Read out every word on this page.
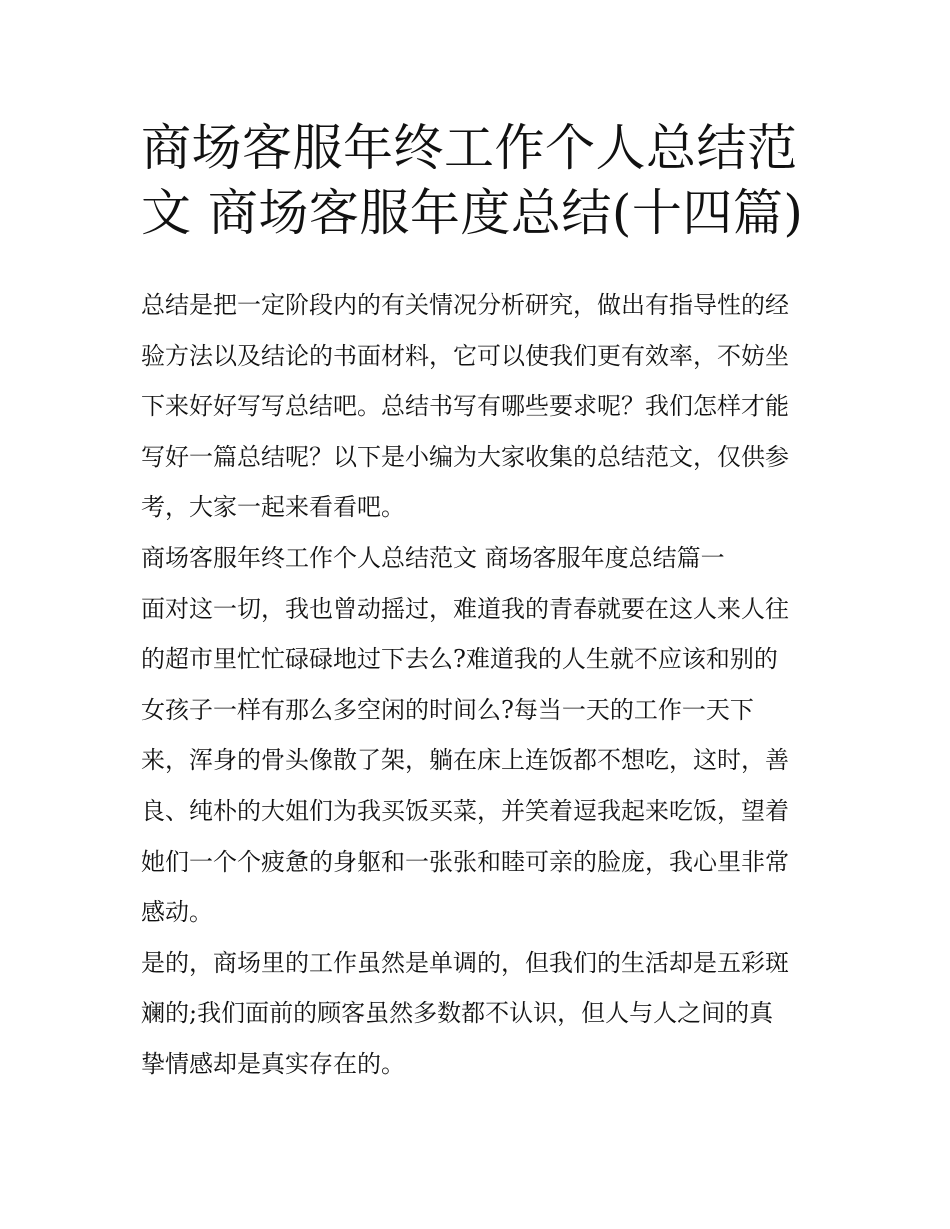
商场客服年终工作个人总结范
文 商场客服年度总结(十四篇)
总结是把一定阶段内的有关情况分析研究，做出有指导性的经
验方法以及结论的书面材料，它可以使我们更有效率，不妨坐
下来好好写写总结吧。总结书写有哪些要求呢？我们怎样才能
写好一篇总结呢？以下是小编为大家收集的总结范文，仅供参
考，大家一起来看看吧。
商场客服年终工作个人总结范文 商场客服年度总结篇一
面对这一切，我也曾动摇过，难道我的青春就要在这人来人往
的超市里忙忙碌碌地过下去么?难道我的人生就不应该和别的
女孩子一样有那么多空闲的时间么?每当一天的工作一天下
来，浑身的骨头像散了架，躺在床上连饭都不想吃，这时，善
良、纯朴的大姐们为我买饭买菜，并笑着逗我起来吃饭，望着
她们一个个疲惫的身躯和一张张和睦可亲的脸庞，我心里非常
感动。
是的，商场里的工作虽然是单调的，但我们的生活却是五彩斑
斓的;我们面前的顾客虽然多数都不认识，但人与人之间的真
挚情感却是真实存在的。
